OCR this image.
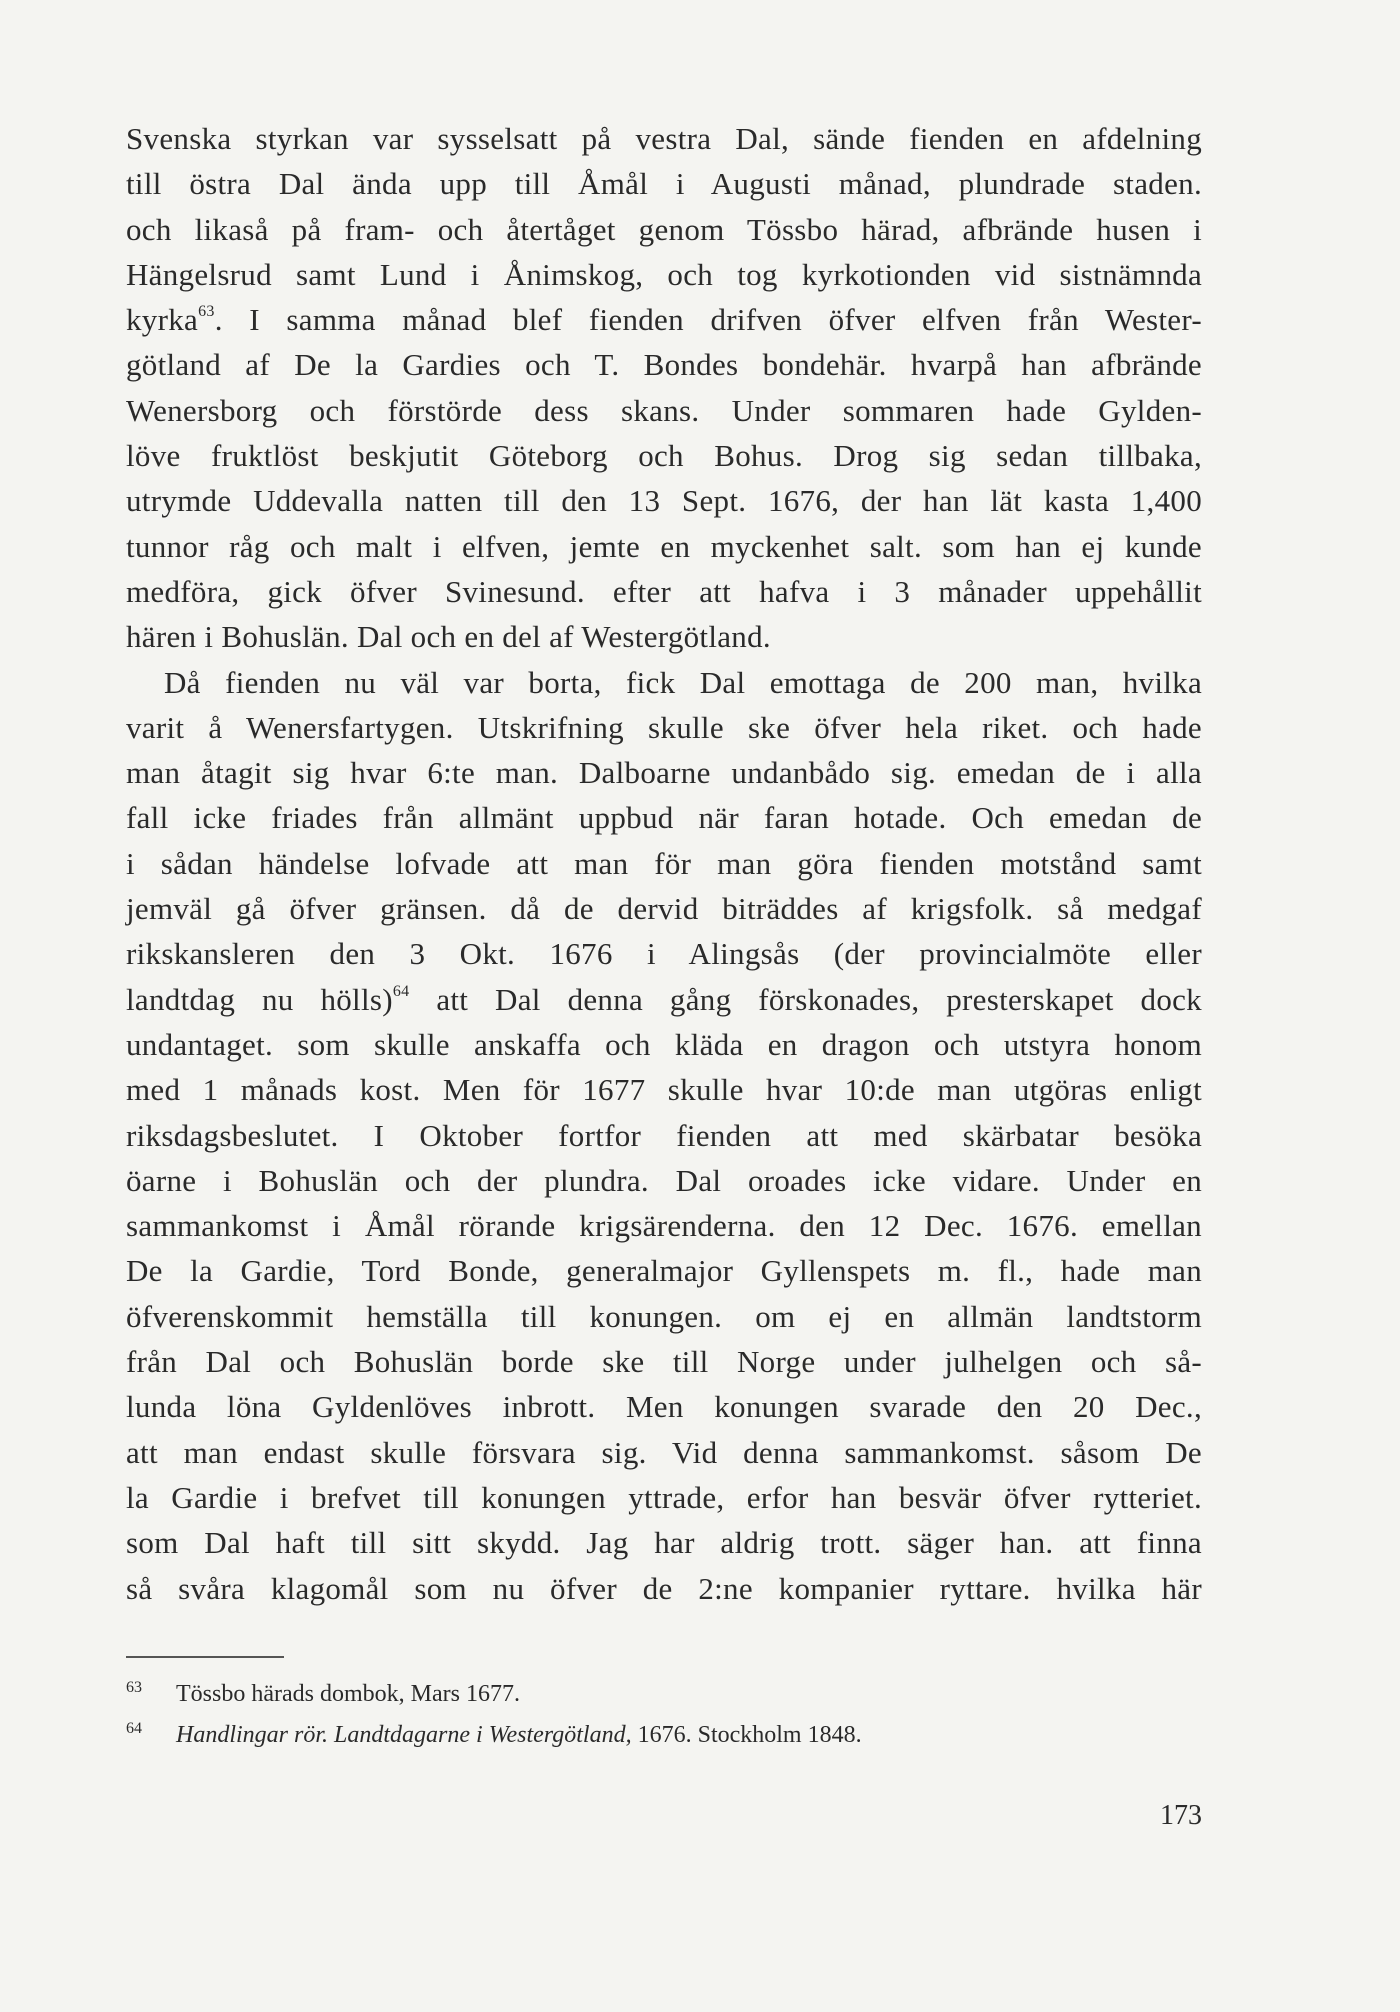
Svenska styrkan var sysselsatt på vestra Dal, sände fienden en afdelning
till östra Dal ända upp till Åmål i Augusti månad, plundrade staden.
och likaså på fram- och återtåget genom Tössbo härad, afbrände husen i
Hängelsrud samt Lund i Ånimskog, och tog kyrkotionden vid sistnämnda
kyrka$^{63}$. I samma månad blef fienden drifven öfver elfven från Wester-
götland af De la Gardies och T. Bondes bondehär. hvarpå han afbrände
Wenersborg och förstörde dess skans. Under sommaren hade Gylden-
löve fruktlöst beskjutit Göteborg och Bohus. Drog sig sedan tillbaka,
utrymde Uddevalla natten till den 13 Sept. 1676, der han lät kasta 1,400
tunnor råg och malt i elfven, jemte en myckenhet salt. som han ej kunde
medföra, gick öfver Svinesund. efter att hafva i 3 månader uppehållit
hären i Bohuslän. Dal och en del af Westergötland.
Då fienden nu väl var borta, fick Dal emottaga de 200 man, hvilka
varit å Wenersfartygen. Utskrifning skulle ske öfver hela riket. och hade
man åtagit sig hvar 6:te man. Dalboarne undanbådo sig. emedan de i alla
fall icke friades från allmänt uppbud när faran hotade. Och emedan de
i sådan händelse lofvade att man för man göra fienden motstånd samt
jemväl gå öfver gränsen. då de dervid biträddes af krigsfolk. så medgaf
rikskansleren den 3 Okt. 1676 i Alingsås (der provincialmöte eller
landtdag nu hölls)$^{64}$ att Dal denna gång förskonades, presterskapet dock
undantaget. som skulle anskaffa och kläda en dragon och utstyra honom
med 1 månads kost. Men för 1677 skulle hvar 10:de man utgöras enligt
riksdagsbeslutet. I Oktober fortfor fienden att med skärbatar besöka
öarne i Bohuslän och der plundra. Dal oroades icke vidare. Under en
sammankomst i Åmål rörande krigsärenderna. den 12 Dec. 1676. emellan
De la Gardie, Tord Bonde, generalmajor Gyllenspets m. fl., hade man
öfverenskommit hemställa till konungen. om ej en allmän landtstorm
från Dal och Bohuslän borde ske till Norge under julhelgen och så-
lunda löna Gyldenlöves inbrott. Men konungen svarade den 20 Dec.,
att man endast skulle försvara sig. Vid denna sammankomst. såsom De
la Gardie i brefvet till konungen yttrade, erfor han besvär öfver rytteriet.
som Dal haft till sitt skydd. Jag har aldrig trott. säger han. att finna
så svåra klagomål som nu öfver de 2:ne kompanier ryttare. hvilka här
63 Tössbo härads dombok, Mars 1677.
64 Handlingar rör. Landtdagarne i Westergötland, 1676. Stockholm 1848.
173
